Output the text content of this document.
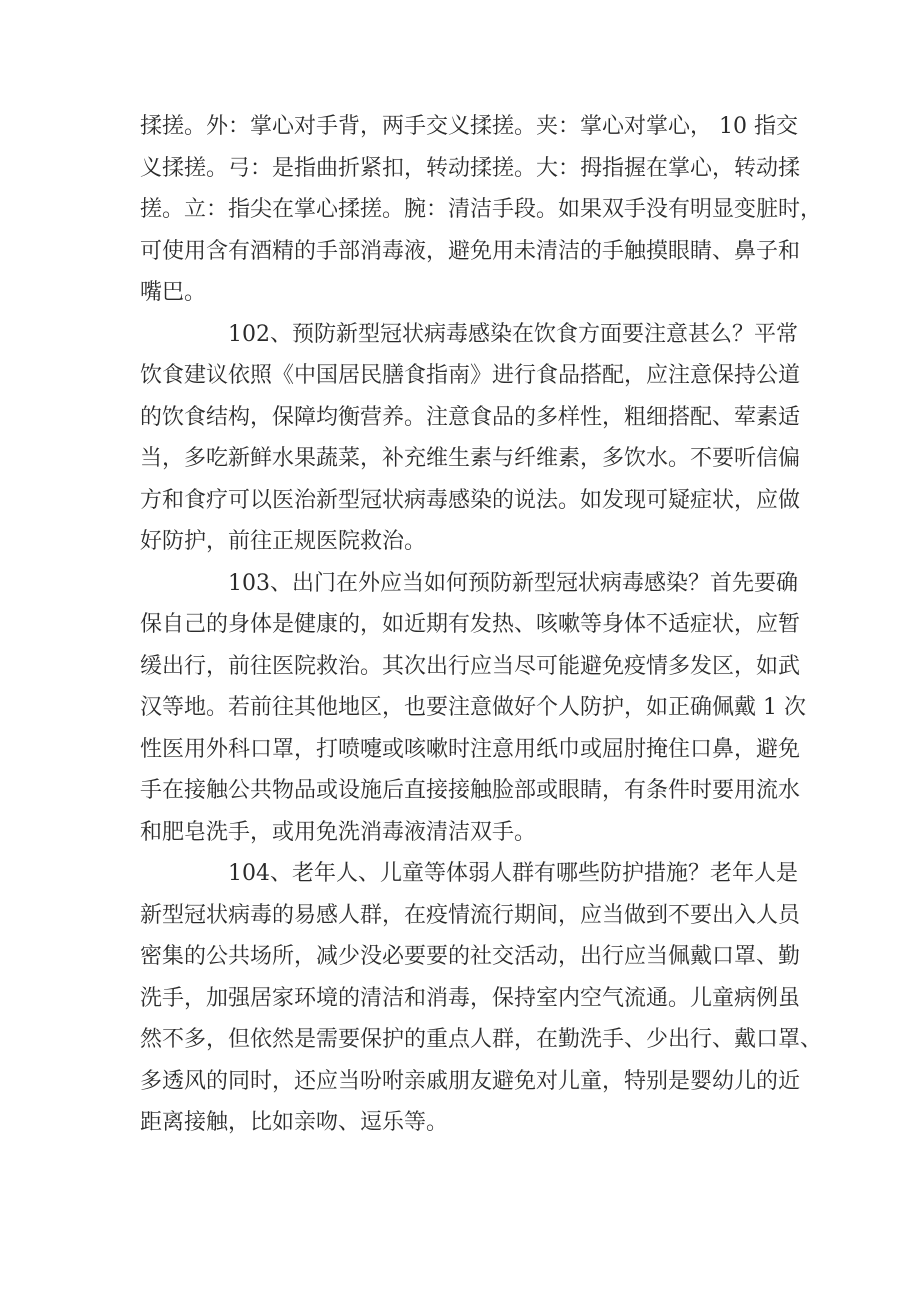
揉搓。外：掌心对手背，两手交义揉搓。夹：掌心对掌心， 10 指交
义揉搓。弓：是指曲折紧扣，转动揉搓。大：拇指握在掌心，转动揉
搓。立：指尖在掌心揉搓。腕：清洁手段。如果双手没有明显变脏时，
可使用含有酒精的手部消毒液，避免用未清洁的手触摸眼睛、鼻子和
嘴巴。
102、预防新型冠状病毒感染在饮食方面要注意甚么？平常
饮食建议依照《中国居民膳食指南》进行食品搭配，应注意保持公道
的饮食结构，保障均衡营养。注意食品的多样性，粗细搭配、荤素适
当，多吃新鲜水果蔬菜，补充维生素与纤维素，多饮水。不要听信偏
方和食疗可以医治新型冠状病毒感染的说法。如发现可疑症状，应做
好防护，前往正规医院救治。
103、出门在外应当如何预防新型冠状病毒感染？首先要确
保自己的身体是健康的，如近期有发热、咳嗽等身体不适症状，应暂
缓出行，前往医院救治。其次出行应当尽可能避免疫情多发区，如武
汉等地。若前往其他地区，也要注意做好个人防护，如正确佩戴 1 次
性医用外科口罩，打喷嚏或咳嗽时注意用纸巾或屈肘掩住口鼻，避免
手在接触公共物品或设施后直接接触脸部或眼睛，有条件时要用流水
和肥皂洗手，或用免洗消毒液清洁双手。
104、老年人、儿童等体弱人群有哪些防护措施？老年人是
新型冠状病毒的易感人群，在疫情流行期间，应当做到不要出入人员
密集的公共场所，减少没必要要的社交活动，出行应当佩戴口罩、勤
洗手，加强居家环境的清洁和消毒，保持室内空气流通。儿童病例虽
然不多，但依然是需要保护的重点人群，在勤洗手、少出行、戴口罩、
多透风的同时，还应当吩咐亲戚朋友避免对儿童，特别是婴幼儿的近
距离接触，比如亲吻、逗乐等。
